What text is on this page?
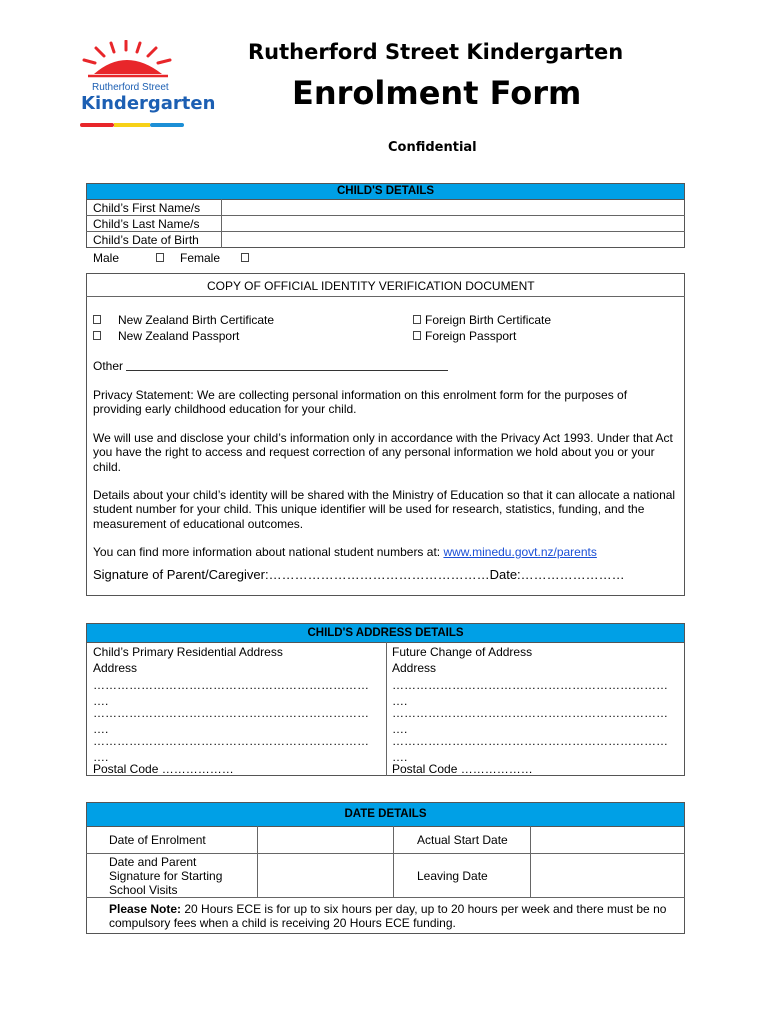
Rutherford Street
Kindergarten
Rutherford Street Kindergarten
Enrolment Form
Confidential
CHILD'S DETAILS
Child’s First Name/s
Child’s Last Name/s
Child’s Date of Birth
Male	Female
COPY OF OFFICIAL IDENTITY VERIFICATION DOCUMENT
New Zealand Birth Certificate
New Zealand Passport
Foreign Birth Certificate
Foreign Passport
Other
Privacy Statement: We are collecting personal information on this enrolment form for the purposes of providing early childhood education for your child.
We will use and disclose your child’s information only in accordance with the Privacy Act 1993. Under that Act you have the right to access and request correction of any personal information we hold about you or your child.
Details about your child’s identity will be shared with the Ministry of Education so that it can allocate a national student number for your child. This unique identifier will be used for research, statistics, funding, and the measurement of educational outcomes.
You can find more information about national student numbers at: www.minedu.govt.nz/parents
Signature of Parent/Caregiver:……………………………………………Date:……………………
CHILD'S ADDRESS DETAILS
Child’s Primary Residential Address
Address
……………………………………………………………
….
……………………………………………………………
….
……………………………………………………………
….
Postal Code ………………
Future Change of Address
Address
……………………………………………………………
….
……………………………………………………………
….
……………………………………………………………
….
Postal Code ………………
DATE DETAILS
Date of Enrolment	Actual Start Date
Date and Parent Signature for Starting School Visits
Leaving Date
Please Note: 20 Hours ECE is for up to six hours per day, up to 20 hours per week and there must be no compulsory fees when a child is receiving 20 Hours ECE funding.
